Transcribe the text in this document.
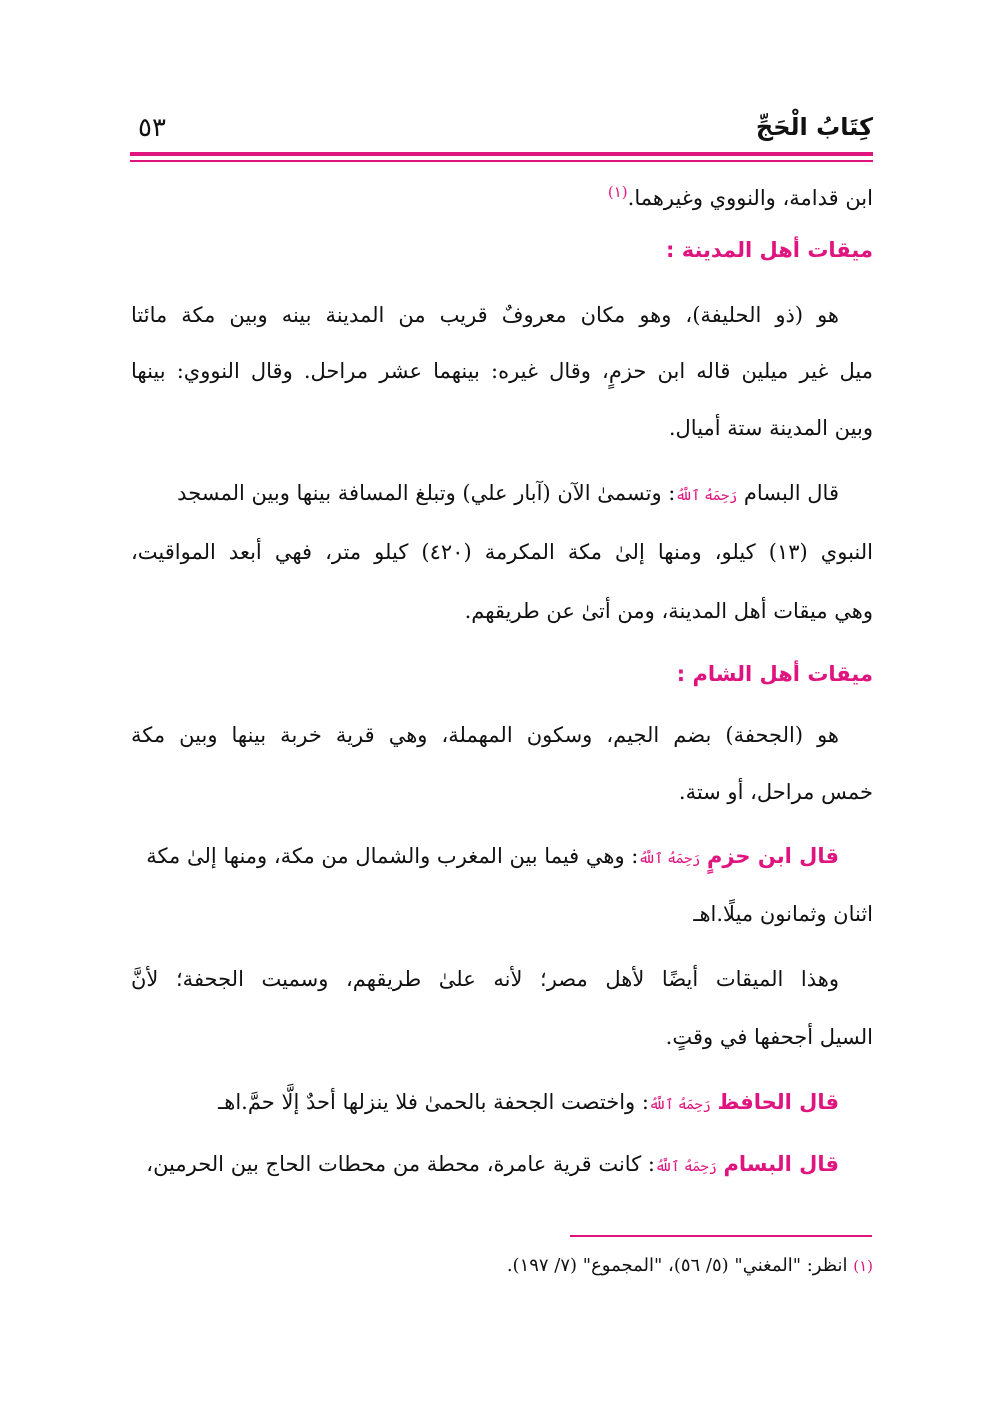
كِتَابُ الْحَجِّ
٥٣
ابن قدامة، والنووي وغيرهما.$^{(١)}$
ميقات أهل المدينة :
هو (ذو الحليفة)، وهو مكان معروفٌ قريب من المدينة بينه وبين مكة مائتا
ميل غير ميلين قاله ابن حزمٍ، وقال غيره: بينهما عشر مراحل. وقال النووي: بينها
وبين المدينة ستة أميال.
قال البسام رَحِمَهُ ٱللَّهُ: وتسمىٰ الآن (آبار علي) وتبلغ المسافة بينها وبين المسجد
النبوي (١٣) كيلو، ومنها إلىٰ مكة المكرمة (٤٢٠) كيلو متر، فهي أبعد المواقيت،
وهي ميقات أهل المدينة، ومن أتىٰ عن طريقهم.
ميقات أهل الشام :
هو (الجحفة) بضم الجيم، وسكون المهملة، وهي قرية خربة بينها وبين مكة
خمس مراحل، أو ستة.
قال ابن حزمٍ رَحِمَهُ ٱللَّهُ: وهي فيما بين المغرب والشمال من مكة، ومنها إلىٰ مكة
اثنان وثمانون ميلًا.اهـ
وهذا الميقات أيضًا لأهل مصر؛ لأنه علىٰ طريقهم، وسميت الجحفة؛ لأنَّ
السيل أجحفها في وقتٍ.
قال الحافظ رَحِمَهُ ٱللَّهُ: واختصت الجحفة بالحمىٰ فلا ينزلها أحدٌ إلَّا حمَّ.اهـ
قال البسام رَحِمَهُ ٱللَّهُ: كانت قرية عامرة، محطة من محطات الحاج بين الحرمين،
(١) انظر: "المغني" (٥/ ٥٦)، "المجموع" (٧/ ١٩٧).
